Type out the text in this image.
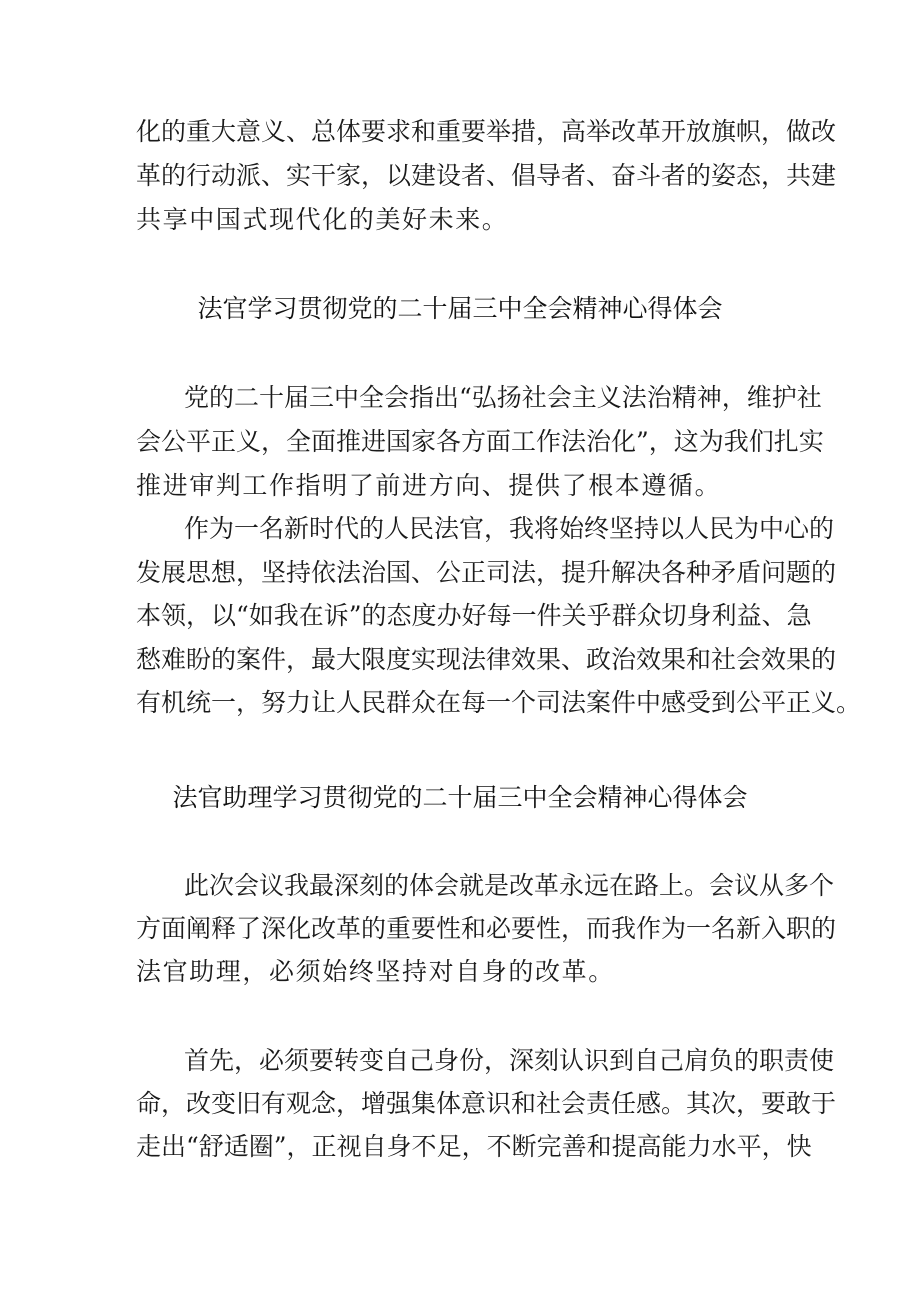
化的重大意义、总体要求和重要举措，高举改革开放旗帜，做改
革的行动派、实干家，以建设者、倡导者、奋斗者的姿态，共建
共享中国式现代化的美好未来。
法官学习贯彻党的二十届三中全会精神心得体会
党的二十届三中全会指出“弘扬社会主义法治精神，维护社
会公平正义，全面推进国家各方面工作法治化”，这为我们扎实
推进审判工作指明了前进方向、提供了根本遵循。
作为一名新时代的人民法官，我将始终坚持以人民为中心的
发展思想，坚持依法治国、公正司法，提升解决各种矛盾问题的
本领，以“如我在诉”的态度办好每一件关乎群众切身利益、急
愁难盼的案件，最大限度实现法律效果、政治效果和社会效果的
有机统一，努力让人民群众在每一个司法案件中感受到公平正义。
法官助理学习贯彻党的二十届三中全会精神心得体会
此次会议我最深刻的体会就是改革永远在路上。会议从多个
方面阐释了深化改革的重要性和必要性，而我作为一名新入职的
法官助理，必须始终坚持对自身的改革。
首先，必须要转变自己身份，深刻认识到自己肩负的职责使
命，改变旧有观念，增强集体意识和社会责任感。其次，要敢于
走出“舒适圈”，正视自身不足，不断完善和提高能力水平，快
